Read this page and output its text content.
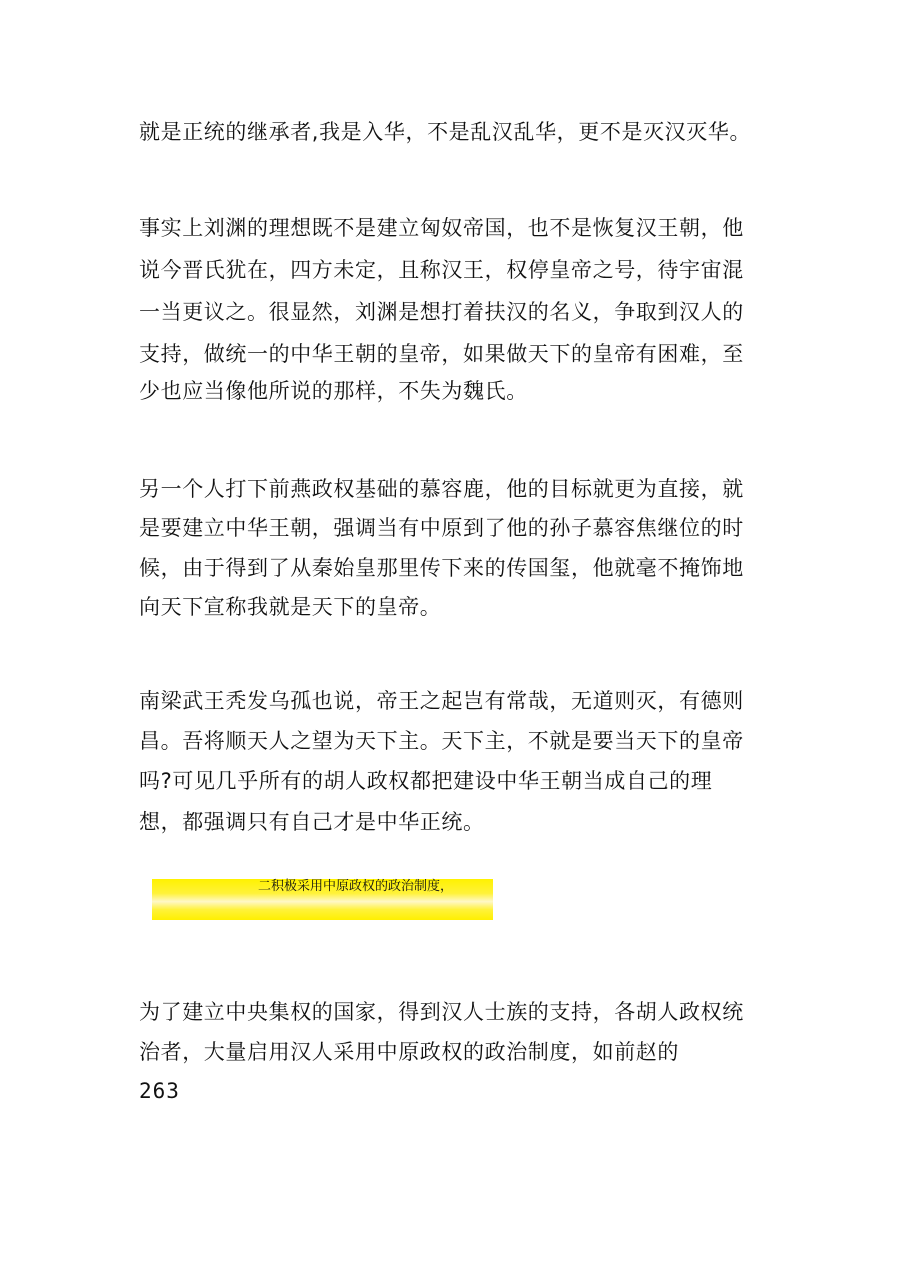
就是正统的继承者,我是入华，不是乱汉乱华，更不是灭汉灭华。
事实上刘渊的理想既不是建立匈奴帝国，也不是恢复汉王朝，他
说今晋氏犹在，四方未定，且称汉王，权停皇帝之号，待宇宙混
一当更议之。很显然，刘渊是想打着扶汉的名义，争取到汉人的
支持，做统一的中华王朝的皇帝，如果做天下的皇帝有困难，至
少也应当像他所说的那样，不失为魏氏。
另一个人打下前燕政权基础的慕容鹿，他的目标就更为直接，就
是要建立中华王朝，强调当有中原到了他的孙子慕容焦继位的时
候，由于得到了从秦始皇那里传下来的传国玺，他就毫不掩饰地
向天下宣称我就是天下的皇帝。
南梁武王秃发乌孤也说，帝王之起岂有常哉，无道则灭，有德则
昌。吾将顺天人之望为天下主。天下主，不就是要当天下的皇帝
吗?可见几乎所有的胡人政权都把建设中华王朝当成自己的理
想，都强调只有自己才是中华正统。
二积极采用中原政权的政治制度，
为了建立中央集权的国家，得到汉人士族的支持，各胡人政权统
治者，大量启用汉人采用中原政权的政治制度，如前赵的
263
